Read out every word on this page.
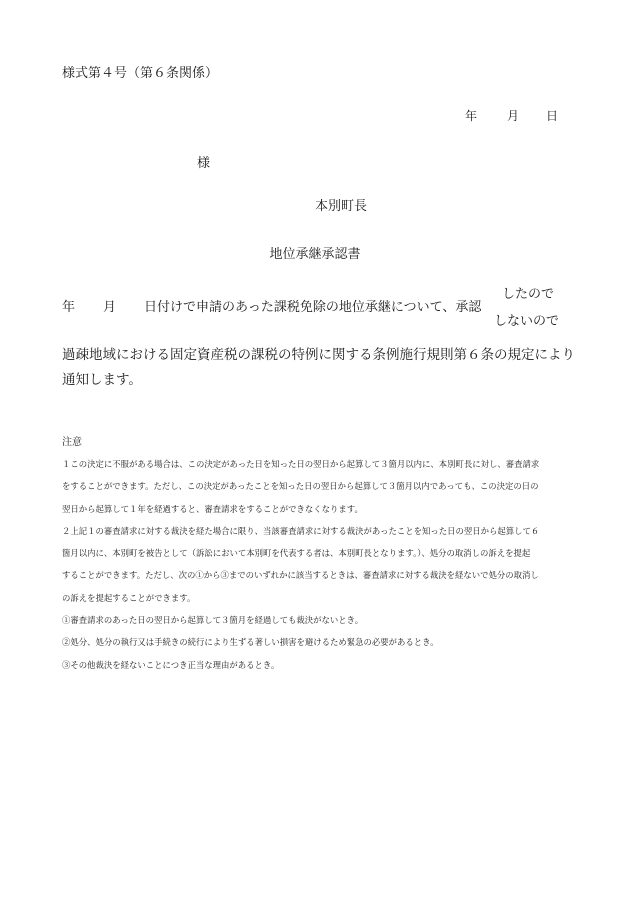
様式第４号（第６条関係）
年 月 日
様
本別町長
地位承継承認書
年 月 日付けで申請のあった課税免除の地位承継について、承認
したので
しないので
過疎地域における固定資産税の課税の特例に関する条例施行規則第６条の規定により
通知します。
注意

１この決定に不服がある場合は、この決定があった日を知った日の翌日から起算して３箇月以内に、本別町長に対し、審査請求

をすることができます。ただし、この決定があったことを知った日の翌日から起算して３箇月以内であっても、この決定の日の

翌日から起算して１年を経過すると、審査請求をすることができなくなります。

２上記１の審査請求に対する裁決を経た場合に限り、当該審査請求に対する裁決があったことを知った日の翌日から起算して６

箇月以内に、本別町を被告として（訴訟において本別町を代表する者は、本別町長となります。）、処分の取消しの訴えを提起

することができます。ただし、次の①から③までのいずれかに該当するときは、審査請求に対する裁決を経ないで処分の取消し

の訴えを提起することができます。

①審査請求のあった日の翌日から起算して３箇月を経過しても裁決がないとき。

②処分、処分の執行又は手続きの続行により生ずる著しい損害を避けるため緊急の必要があるとき。

③その他裁決を経ないことにつき正当な理由があるとき。
